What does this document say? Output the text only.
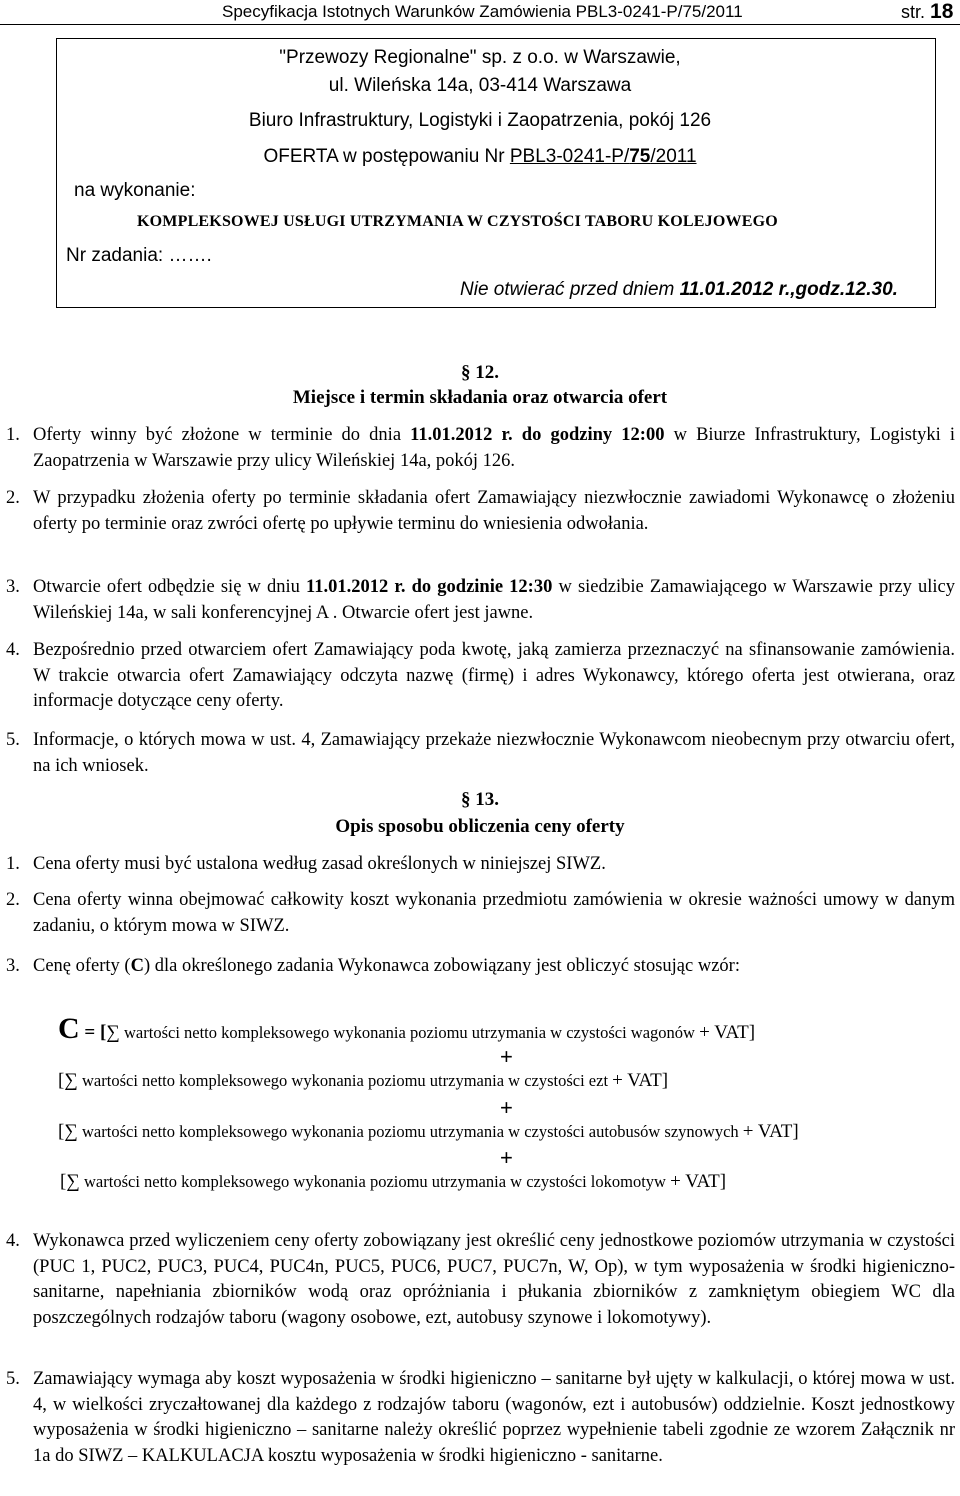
Specyfikacja Istotnych Warunków Zamówienia PBL3-0241-P/75/2011	str. 18
"Przewozy Regionalne" sp. z o.o. w Warszawie,
ul. Wileńska 14a, 03-414 Warszawa
Biuro Infrastruktury, Logistyki i Zaopatrzenia, pokój 126
OFERTA w postępowaniu Nr PBL3-0241-P/75/2011
na wykonanie:
KOMPLEKSOWEJ USŁUGI UTRZYMANIA W CZYSTOŚCI TABORU KOLEJOWEGO
Nr zadania: …….
Nie otwierać przed dniem 11.01.2012 r.,godz.12.30.
§ 12.
Miejsce i termin składania oraz otwarcia ofert
1. Oferty winny być złożone w terminie do dnia 11.01.2012 r. do godziny 12:00 w Biurze Infrastruktury, Logistyki i Zaopatrzenia w Warszawie przy ulicy Wileńskiej 14a, pokój 126.
2. W przypadku złożenia oferty po terminie składania ofert Zamawiający niezwłocznie zawiadomi Wykonawcę o złożeniu oferty po terminie oraz zwróci ofertę po upływie terminu do wniesienia odwołania.
3. Otwarcie ofert odbędzie się w dniu 11.01.2012 r. do godzinie 12:30 w siedzibie Zamawiającego w Warszawie przy ulicy Wileńskiej 14a, w sali konferencyjnej A . Otwarcie ofert jest jawne.
4. Bezpośrednio przed otwarciem ofert Zamawiający poda kwotę, jaką zamierza przeznaczyć na sfinansowanie zamówienia. W trakcie otwarcia ofert Zamawiający odczyta nazwę (firmę) i adres Wykonawcy, którego oferta jest otwierana, oraz informacje dotyczące ceny oferty.
5. Informacje, o których mowa w ust. 4, Zamawiający przekaże niezwłocznie Wykonawcom nieobecnym przy otwarciu ofert, na ich wniosek.
§ 13.
Opis sposobu obliczenia ceny oferty
1. Cena oferty musi być ustalona według zasad określonych w niniejszej SIWZ.
2. Cena oferty winna obejmować całkowity koszt wykonania przedmiotu zamówienia w okresie ważności umowy w danym zadaniu, o którym mowa w SIWZ.
3. Cenę oferty (C) dla określonego zadania Wykonawca zobowiązany jest obliczyć stosując wzór:
C = [∑ wartości netto kompleksowego wykonania poziomu utrzymania w czystości wagonów + VAT]
+
[∑ wartości netto kompleksowego wykonania poziomu utrzymania w czystości ezt + VAT]
+
[∑ wartości netto kompleksowego wykonania poziomu utrzymania w czystości autobusów szynowych + VAT]
+
[∑ wartości netto kompleksowego wykonania poziomu utrzymania w czystości lokomotyw + VAT]
4. Wykonawca przed wyliczeniem ceny oferty zobowiązany jest określić ceny jednostkowe poziomów utrzymania w czystości (PUC 1, PUC2, PUC3, PUC4, PUC4n, PUC5, PUC6, PUC7, PUC7n, W, Op), w tym wyposażenia w środki higieniczno-sanitarne, napełniania zbiorników wodą oraz opróżniania i płukania zbiorników z zamkniętym obiegiem WC dla poszczególnych rodzajów taboru (wagony osobowe, ezt, autobusy szynowe i lokomotywy).
5. Zamawiający wymaga aby koszt wyposażenia w środki higieniczno – sanitarne był ujęty w kalkulacji, o której mowa w ust. 4, w wielkości zryczałtowanej dla każdego z rodzajów taboru (wagonów, ezt i autobusów) oddzielnie. Koszt jednostkowy wyposażenia w środki higieniczno – sanitarne należy określić poprzez wypełnienie tabeli zgodnie ze wzorem Załącznik nr 1a do SIWZ – KALKULACJA kosztu wyposażenia w środki higieniczno - sanitarne.
